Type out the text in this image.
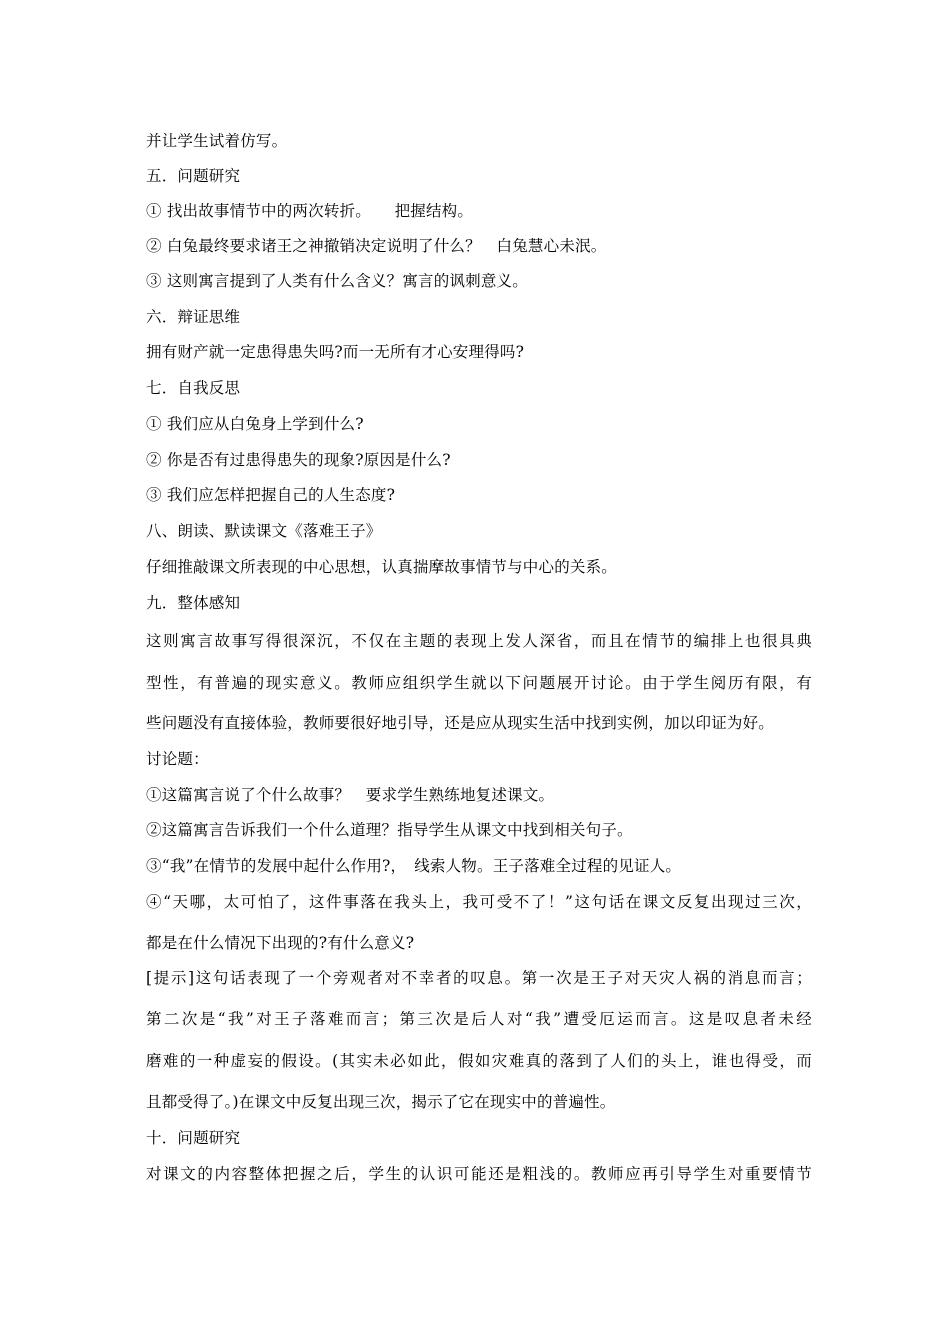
并让学生试着仿写。
五．问题研究
① 找出故事情节中的两次转折。　　把握结构。
② 白兔最终要求诸王之神撤销决定说明了什么？　白兔慧心未泯。
③ 这则寓言提到了人类有什么含义？寓言的讽刺意义。
六．辩证思维
拥有财产就一定患得患失吗?而一无所有才心安理得吗?
七．自我反思
① 我们应从白兔身上学到什么?
② 你是否有过患得患失的现象?原因是什么?
③ 我们应怎样把握自己的人生态度?
八、朗读、默读课文《落难王子》
仔细推敲课文所表现的中心思想，认真揣摩故事情节与中心的关系。
九．整体感知
这则寓言故事写得很深沉，不仅在主题的表现上发人深省，而且在情节的编排上也很具典
型性，有普遍的现实意义。教师应组织学生就以下问题展开讨论。由于学生阅历有限，有
些问题没有直接体验，教师要很好地引导，还是应从现实生活中找到实例，加以印证为好。
讨论题：
①这篇寓言说了个什么故事？　要求学生熟练地复述课文。
②这篇寓言告诉我们一个什么道理？指导学生从课文中找到相关句子。
③“我”在情节的发展中起什么作用?，　线索人物。王子落难全过程的见证人。
④“天哪，太可怕了，这件事落在我头上，我可受不了！”这句话在课文反复出现过三次，
都是在什么情况下出现的?有什么意义?
[提示]这句话表现了一个旁观者对不幸者的叹息。第一次是王子对天灾人祸的消息而言；
第二次是“我”对王子落难而言；第三次是后人对“我”遭受厄运而言。这是叹息者未经
磨难的一种虚妄的假设。(其实未必如此，假如灾难真的落到了人们的头上，谁也得受，而
且都受得了。)在课文中反复出现三次，揭示了它在现实中的普遍性。
十．问题研究
对课文的内容整体把握之后，学生的认识可能还是粗浅的。教师应再引导学生对重要情节
